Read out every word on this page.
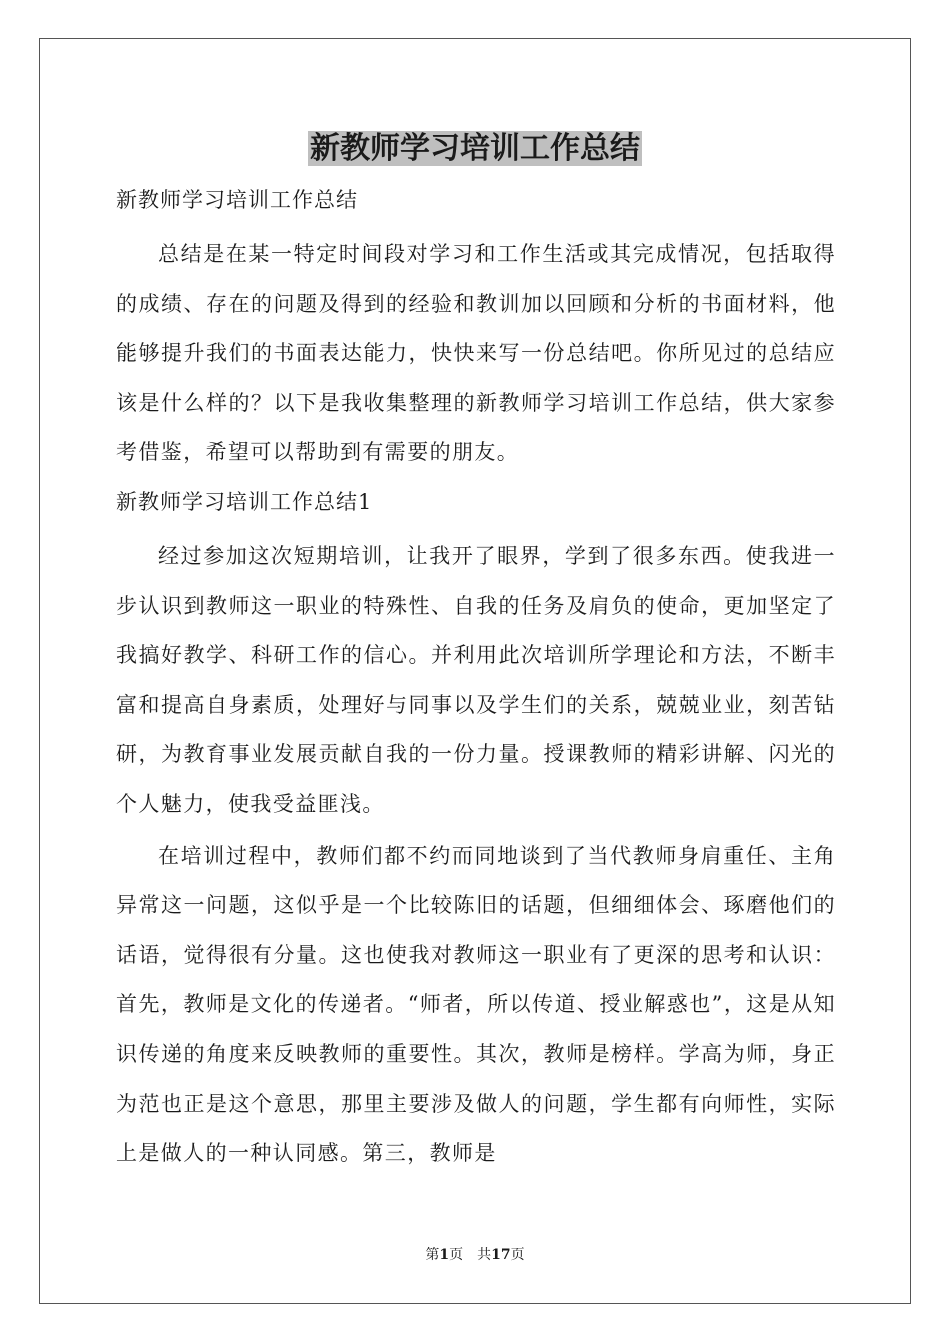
新教师学习培训工作总结
新教师学习培训工作总结

总结是在某一特定时间段对学习和工作生活或其完成情况，包括取得的成绩、存在的问题及得到的经验和教训加以回顾和分析的书面材料，他能够提升我们的书面表达能力，快快来写一份总结吧。你所见过的总结应该是什么样的？以下是我收集整理的新教师学习培训工作总结，供大家参考借鉴，希望可以帮助到有需要的朋友。

新教师学习培训工作总结1

经过参加这次短期培训，让我开了眼界，学到了很多东西。使我进一步认识到教师这一职业的特殊性、自我的任务及肩负的使命，更加坚定了我搞好教学、科研工作的信心。并利用此次培训所学理论和方法，不断丰富和提高自身素质，处理好与同事以及学生们的关系，兢兢业业，刻苦钻研，为教育事业发展贡献自我的一份力量。授课教师的精彩讲解、闪光的个人魅力，使我受益匪浅。

在培训过程中，教师们都不约而同地谈到了当代教师身肩重任、主角异常这一问题，这似乎是一个比较陈旧的话题，但细细体会、琢磨他们的话语，觉得很有分量。这也使我对教师这一职业有了更深的思考和认识：首先，教师是文化的传递者。“师者，所以传道、授业解惑也”，这是从知识传递的角度来反映教师的重要性。其次，教师是榜样。学高为师，身正为范也正是这个意思，那里主要涉及做人的问题，学生都有向师性，实际上是做人的一种认同感。第三，教师是

第1页　共17页
